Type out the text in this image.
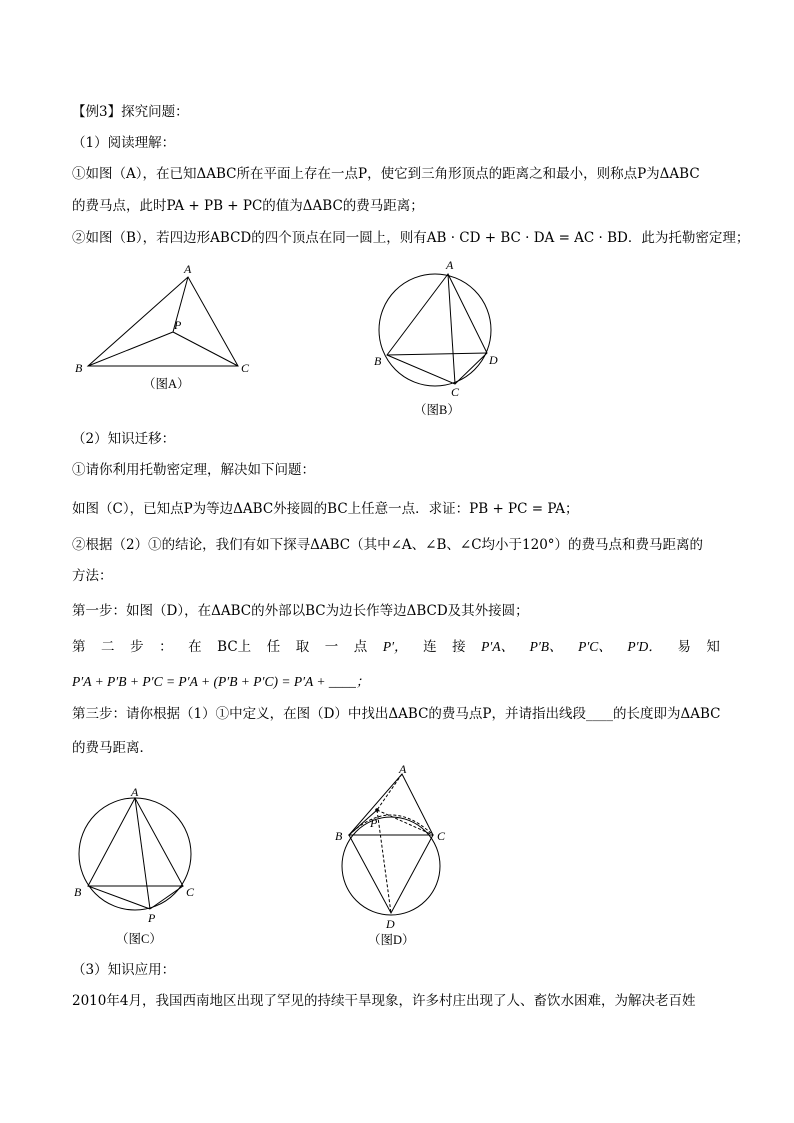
【例3】探究问题：
（1）阅读理解：
①如图（A），在已知ΔABC所在平面上存在一点P，使它到三角形顶点的距离之和最小，则称点P为ΔABC
的费马点，此时PA + PB + PC的值为ΔABC的费马距离；
②如图（B），若四边形ABCD的四个顶点在同一圆上，则有AB · CD + BC · DA = AC · BD．此为托勒密定理；
（2）知识迁移：
①请你利用托勒密定理，解决如下问题：
如图（C），已知点P为等边ΔABC外接圆的BC上任意一点．求证：PB + PC = PA；
②根据（2）①的结论，我们有如下探寻ΔABC（其中∠A、∠B、∠C均小于120°）的费马点和费马距离的
方法：
第一步：如图（D），在ΔABC的外部以BC为边长作等边ΔBCD及其外接圆；
第 二 步 ： 在 BC上 任 取 一 点 P′， 连 接 P′A、 P′B、 P′C、 P′D． 易 知
P′A + P′B + P′C = P′A + (P′B + P′C) = P′A + ____；
第三步：请你根据（1）①中定义，在图（D）中找出ΔABC的费马点P，并请指出线段____的长度即为ΔABC
的费马距离．
（3）知识应用：
2010年4月，我国西南地区出现了罕见的持续干旱现象，许多村庄出现了人、畜饮水困难，为解决老百姓
A
P
B	C
（图A）
A
B	D
C
（图B）
A
B	C
P
（图C）
A
P
B	C
D
（图D）
